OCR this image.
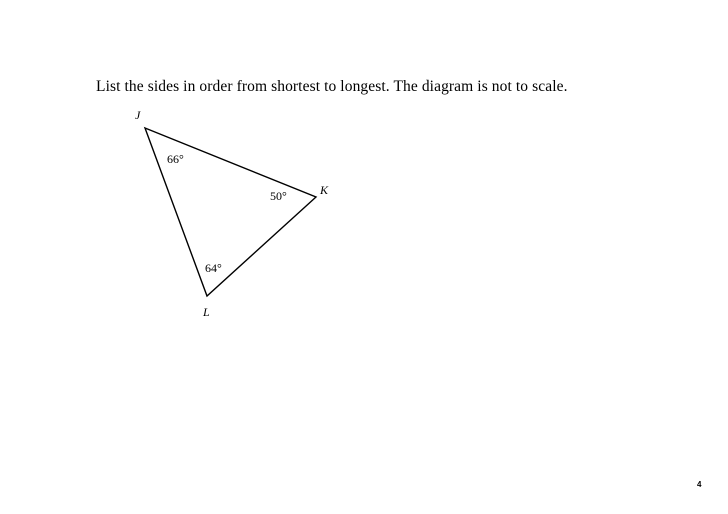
List the sides in order from shortest to longest. The diagram is not to scale.
J
K
L
66°
50°
64°
4
